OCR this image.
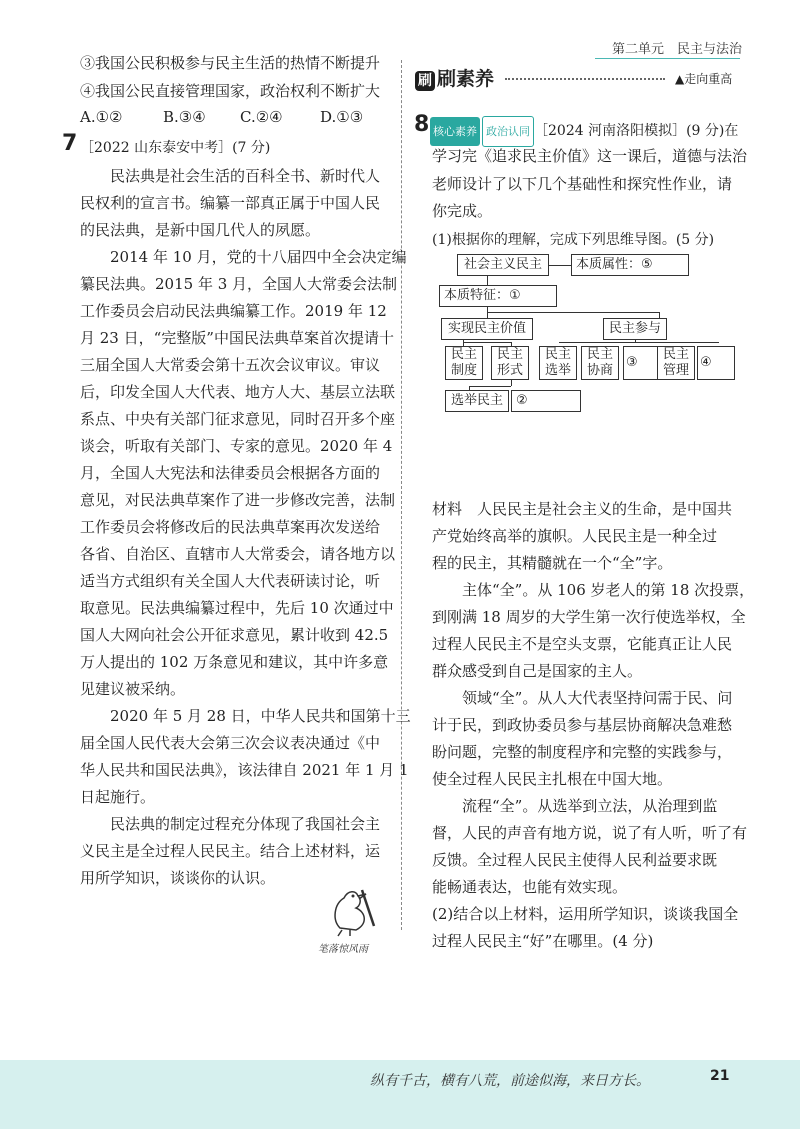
第二单元　民主与法治
③我国公民积极参与民主生活的热情不断提升
④我国公民直接管理国家，政治权利不断扩大
A.①②	B.③④ C.②④ D.①③
7 ［2022 山东泰安中考］(7 分)
　　民法典是社会生活的百科全书、新时代人
民权利的宣言书。编纂一部真正属于中国人民
的民法典，是新中国几代人的夙愿。
　　2014 年 10 月，党的十八届四中全会决定编
纂民法典。2015 年 3 月，全国人大常委会法制
工作委员会启动民法典编纂工作。2019 年 12
月 23 日，“完整版”中国民法典草案首次提请十
三届全国人大常委会第十五次会议审议。审议
后，印发全国人大代表、地方人大、基层立法联
系点、中央有关部门征求意见，同时召开多个座
谈会，听取有关部门、专家的意见。2020 年 4
月，全国人大宪法和法律委员会根据各方面的
意见，对民法典草案作了进一步修改完善，法制
工作委员会将修改后的民法典草案再次发送给
各省、自治区、直辖市人大常委会，请各地方以
适当方式组织有关全国人大代表研读讨论，听
取意见。民法典编纂过程中，先后 10 次通过中
国人大网向社会公开征求意见，累计收到 42.5
万人提出的 102 万条意见和建议，其中许多意
见建议被采纳。
　　2020 年 5 月 28 日，中华人民共和国第十三
届全国人民代表大会第三次会议表决通过《中
华人民共和国民法典》，该法律自 2021 年 1 月 1
日起施行。
　　民法典的制定过程充分体现了我国社会主
义民主是全过程人民民主。结合上述材料，运
用所学知识，谈谈你的认识。
笔落惊风雨
刷 刷素养	▲走向重高
8 核心素养 政治认同 ［2024 河南洛阳模拟］(9 分)在
学习完《追求民主价值》这一课后，道德与法治
老师设计了以下几个基础性和探究性作业，请
你完成。
(1)根据你的理解，完成下列思维导图。(5 分)
社会主义民主	本质属性：⑤
本质特征：①
实现民主价值	民主参与
民主
制度
民主
形式
民主
选举
民主
协商
③
民主
管理
④
选举民主	②
材料　人民民主是社会主义的生命，是中国共
产党始终高举的旗帜。人民民主是一种全过
程的民主，其精髓就在一个“全”字。
　　主体“全”。从 106 岁老人的第 18 次投票，
到刚满 18 周岁的大学生第一次行使选举权，全
过程人民民主不是空头支票，它能真正让人民
群众感受到自己是国家的主人。
　　领域“全”。从人大代表坚持问需于民、问
计于民，到政协委员参与基层协商解决急难愁
盼问题，完整的制度程序和完整的实践参与，
使全过程人民民主扎根在中国大地。
　　流程“全”。从选举到立法，从治理到监
督，人民的声音有地方说，说了有人听，听了有
反馈。全过程人民民主使得人民利益要求既
能畅通表达，也能有效实现。
(2)结合以上材料，运用所学知识，谈谈我国全
过程人民民主“好”在哪里。(4 分)
纵有千古，横有八荒，前途似海，来日方长。	21
